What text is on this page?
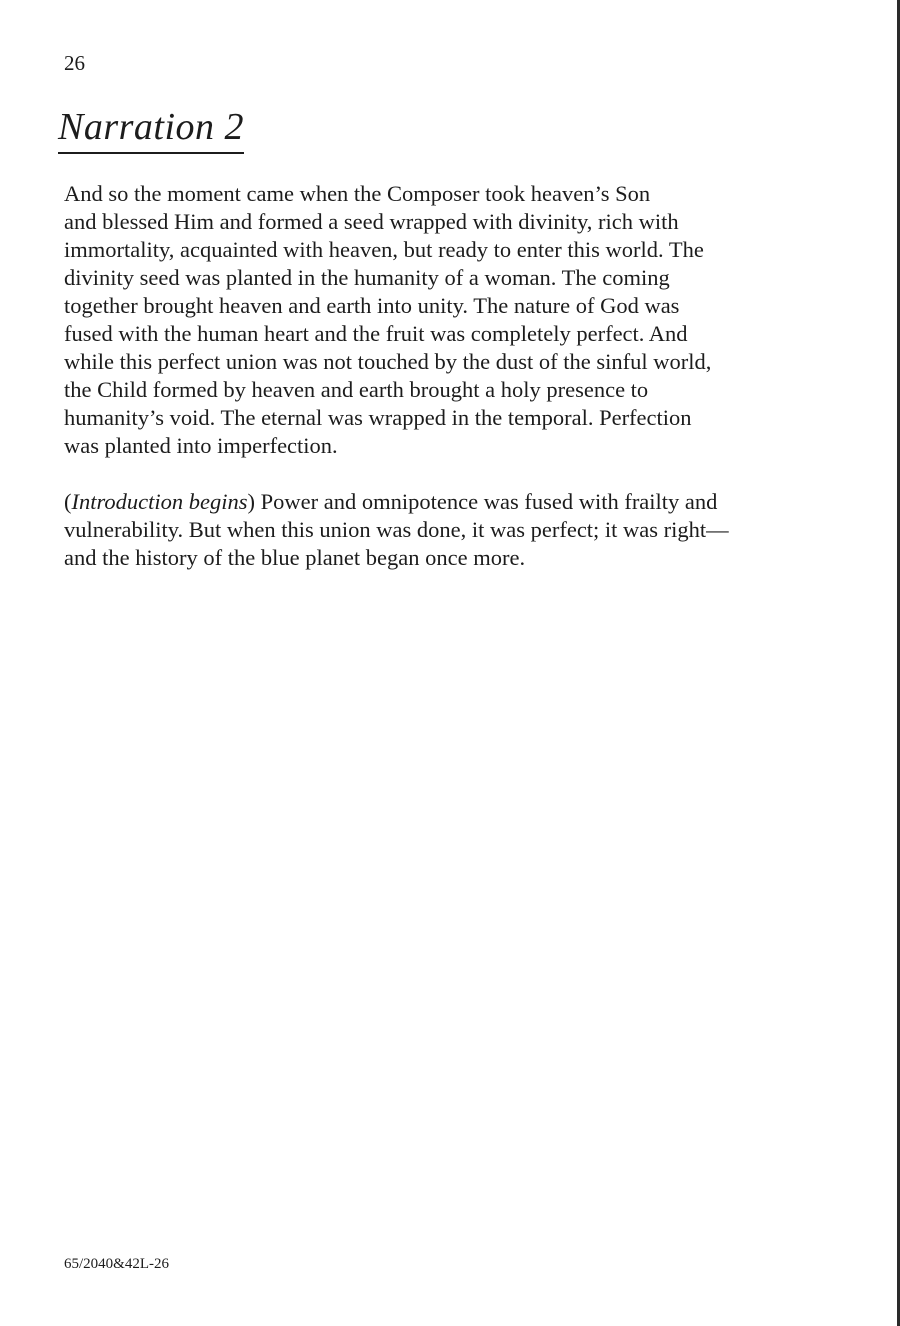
26
Narration 2

And so the moment came when the Composer took heaven’s Son
and blessed Him and formed a seed wrapped with divinity, rich with
immortality, acquainted with heaven, but ready to enter this world. The
divinity seed was planted in the humanity of a woman. The coming
together brought heaven and earth into unity. The nature of God was
fused with the human heart and the fruit was completely perfect. And
while this perfect union was not touched by the dust of the sinful world,
the Child formed by heaven and earth brought a holy presence to
humanity’s void. The eternal was wrapped in the temporal. Perfection
was planted into imperfection.

(Introduction begins) Power and omnipotence was fused with frailty and
vulnerability. But when this union was done, it was perfect; it was right—
and the history of the blue planet began once more.

65/2040&42L-26
